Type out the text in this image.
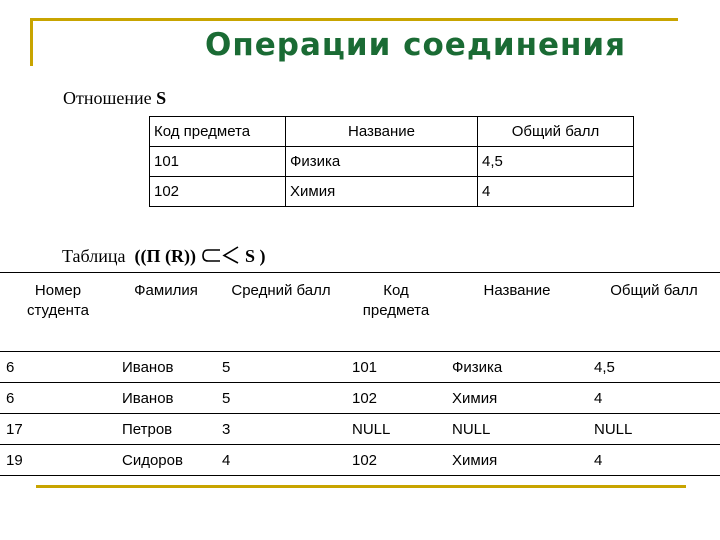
Операции соединения
Отношение S
Код предмета	Название	Общий балл
101	Физика	4,5
102	Химия	4
Таблица ((П (R))	S )
Номер студента	Фамилия	Средний балл	Код предмета	Название	Общий балл
6	Иванов	5	101	Физика	4,5
6	Иванов	5	102	Химия	4
17	Петров	3	NULL	NULL	NULL
19	Сидоров	4	102	Химия	4
